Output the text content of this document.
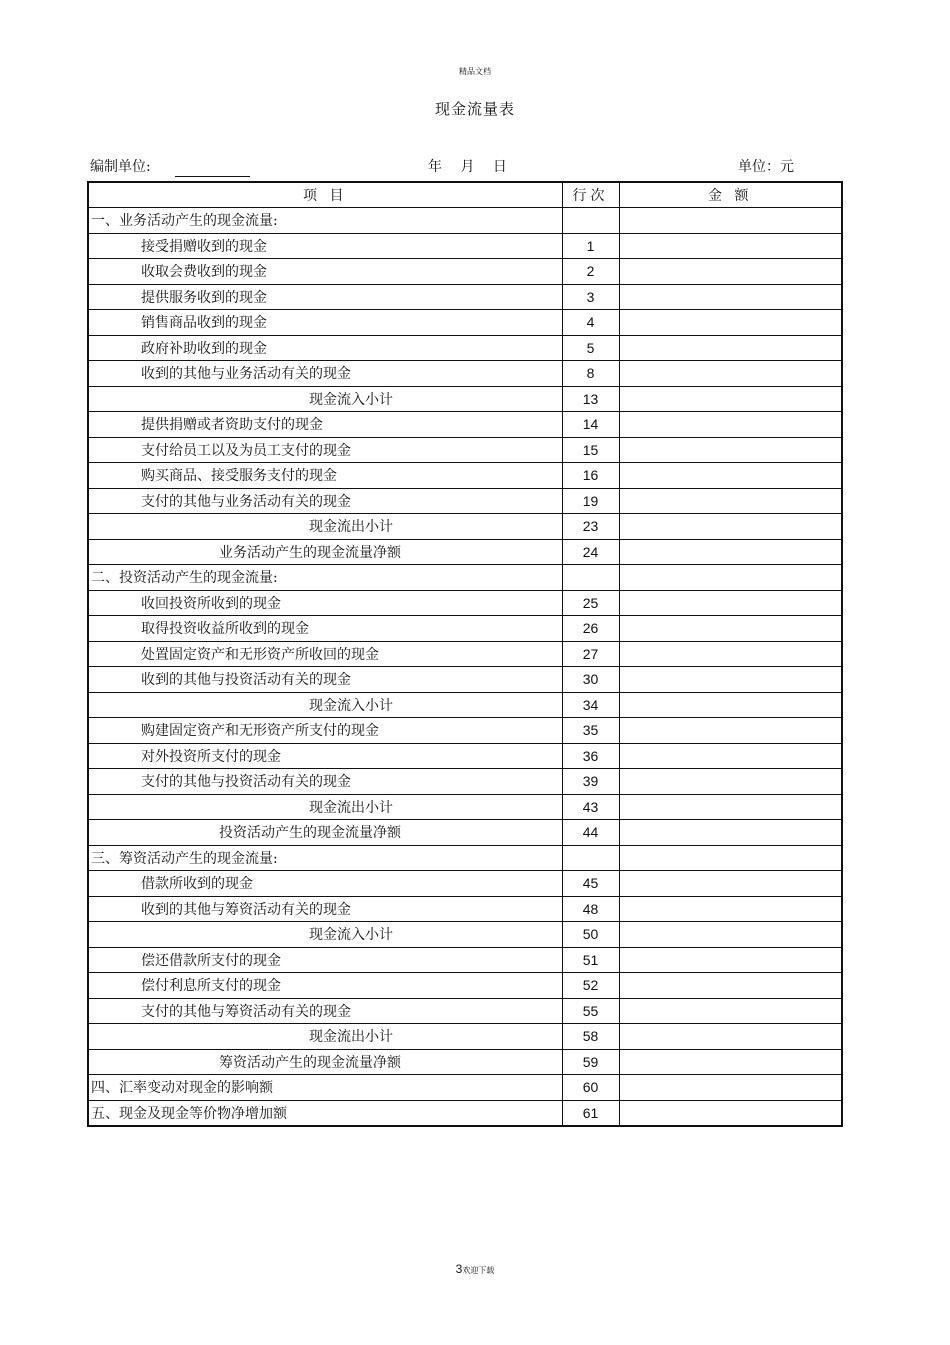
精品文档
现金流量表
编制单位:	年 月 日	单位：元
项 目	行次	金 额
一、业务活动产生的现金流量:		
接受捐赠收到的现金	1	
收取会费收到的现金	2	
提供服务收到的现金	3	
销售商品收到的现金	4	
政府补助收到的现金	5	
收到的其他与业务活动有关的现金	8	
现金流入小计	13	
提供捐赠或者资助支付的现金	14	
支付给员工以及为员工支付的现金	15	
购买商品、接受服务支付的现金	16	
支付的其他与业务活动有关的现金	19	
现金流出小计	23	
业务活动产生的现金流量净额	24	
二、投资活动产生的现金流量:		
收回投资所收到的现金	25	
取得投资收益所收到的现金	26	
处置固定资产和无形资产所收回的现金	27	
收到的其他与投资活动有关的现金	30	
现金流入小计	34	
购建固定资产和无形资产所支付的现金	35	
对外投资所支付的现金	36	
支付的其他与投资活动有关的现金	39	
现金流出小计	43	
投资活动产生的现金流量净额	44	
三、筹资活动产生的现金流量:		
借款所收到的现金	45	
收到的其他与筹资活动有关的现金	48	
现金流入小计	50	
偿还借款所支付的现金	51	
偿付利息所支付的现金	52	
支付的其他与筹资活动有关的现金	55	
现金流出小计	58	
筹资活动产生的现金流量净额	59	
四、汇率变动对现金的影响额	60	
五、现金及现金等价物净增加额	61	
3欢迎下载
